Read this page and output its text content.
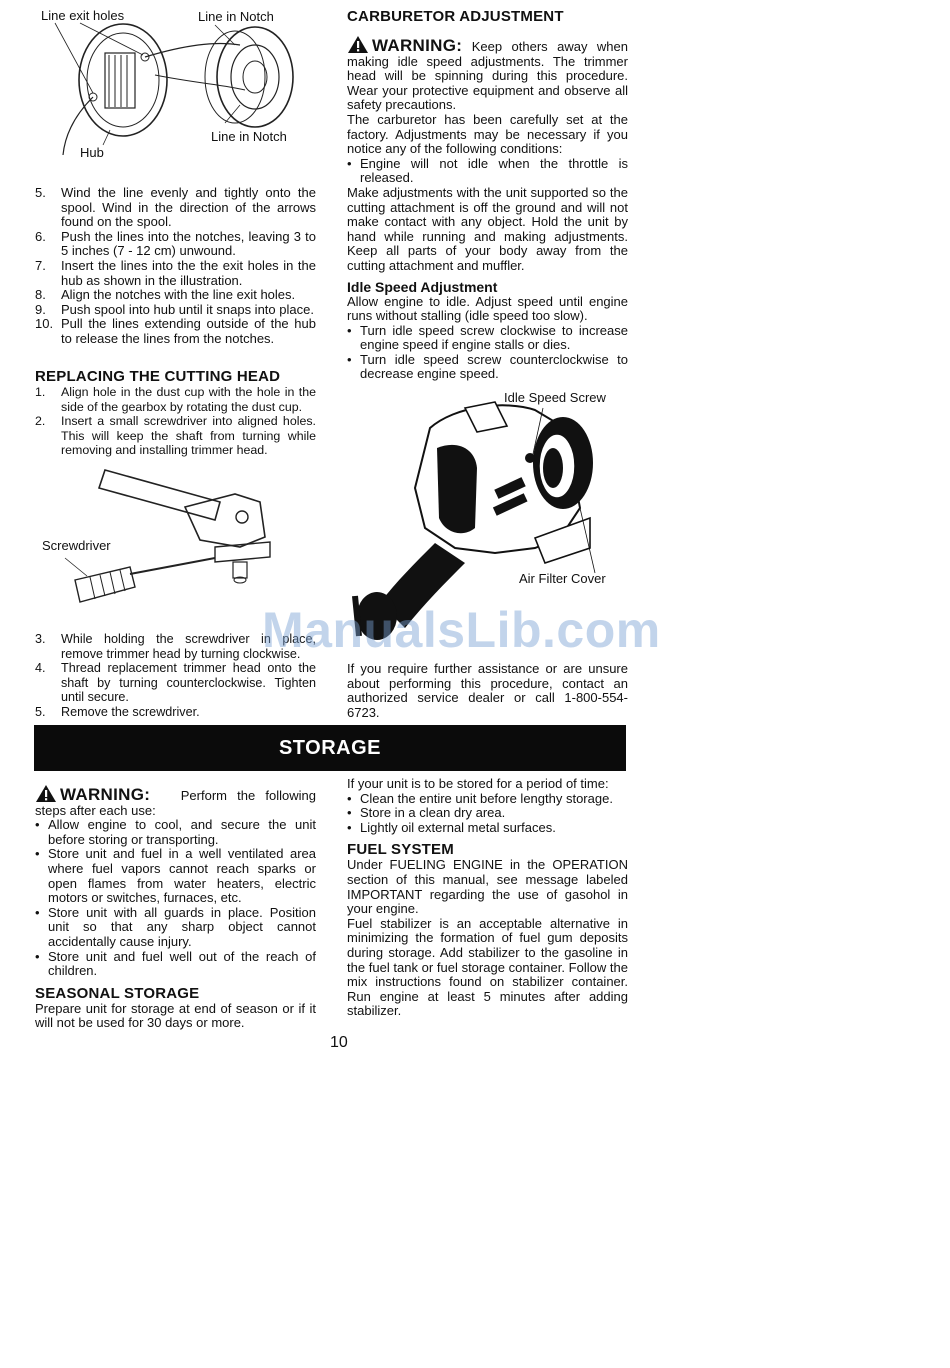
Line exit holes	Line in Notch
Line in Notch
Hub
5.	Wind the line evenly and tightly onto the spool. Wind in the direction of the arrows found on the spool.
6.	Push the lines into the notches, leaving 3 to 5 inches (7 - 12 cm) unwound.
7.	Insert the lines into the the exit holes in the hub as shown in the illustration.
8.	Align the notches with the line exit holes.
9.	Push spool into hub until it snaps into place.
10. Pull the lines extending outside of the hub to release the lines from the notches.
REPLACING THE CUTTING HEAD
1.	Align hole in the dust cup with the hole in the side of the gearbox by rotating the dust cup.
2.	Insert a small screwdriver into aligned holes. This will keep the shaft from turning while removing and installing trimmer head.
Screwdriver
3.	While holding the screwdriver in place, remove trimmer head by turning clockwise.
4.	Thread replacement trimmer head onto the shaft by turning counterclockwise. Tighten until secure.
5.	Remove the screwdriver.
CARBURETOR ADJUSTMENT

WARNING: Keep others away when making idle speed adjustments. The trimmer head will be spinning during this procedure. Wear your protective equipment and observe all safety precautions.

The carburetor has been carefully set at the factory. Adjustments may be necessary if you notice any of the following conditions:

• Engine will not idle when the throttle is released.

Make adjustments with the unit supported so the cutting attachment is off the ground and will not make contact with any object. Hold the unit by hand while running and making adjustments. Keep all parts of your body away from the cutting attachment and muffler.

Idle Speed Adjustment

Allow engine to idle. Adjust speed until engine runs without stalling (idle speed too slow).

• Turn idle speed screw clockwise to increase engine speed if engine stalls or dies.
• Turn idle speed screw counterclockwise to decrease engine speed.
Idle Speed Screw
Air Filter Cover

If you require further assistance or are unsure about performing this procedure, contact an authorized service dealer or call 1-800-554-6723.

ManualsLib.com
STORAGE

WARNING: Perform the following steps after each use:

• Allow engine to cool, and secure the unit before storing or transporting.
• Store unit and fuel in a well ventilated area where fuel vapors cannot reach sparks or open flames from water heaters, electric motors or switches, furnaces, etc.
• Store unit with all guards in place. Position unit so that any sharp object cannot accidentally cause injury.
• Store unit and fuel well out of the reach of children.
SEASONAL STORAGE

Prepare unit for storage at end of season or if it will not be used for 30 days or more.

If your unit is to be stored for a period of time:

• Clean the entire unit before lengthy storage.
• Store in a clean dry area.
• Lightly oil external metal surfaces.
FUEL SYSTEM

Under FUELING ENGINE in the OPERATION section of this manual, see message labeled IMPORTANT regarding the use of gasohol in your engine.

Fuel stabilizer is an acceptable alternative in minimizing the formation of fuel gum deposits during storage. Add stabilizer to the gasoline in the fuel tank or fuel storage container. Follow the mix instructions found on stabilizer container. Run engine at least 5 minutes after adding stabilizer.

10
